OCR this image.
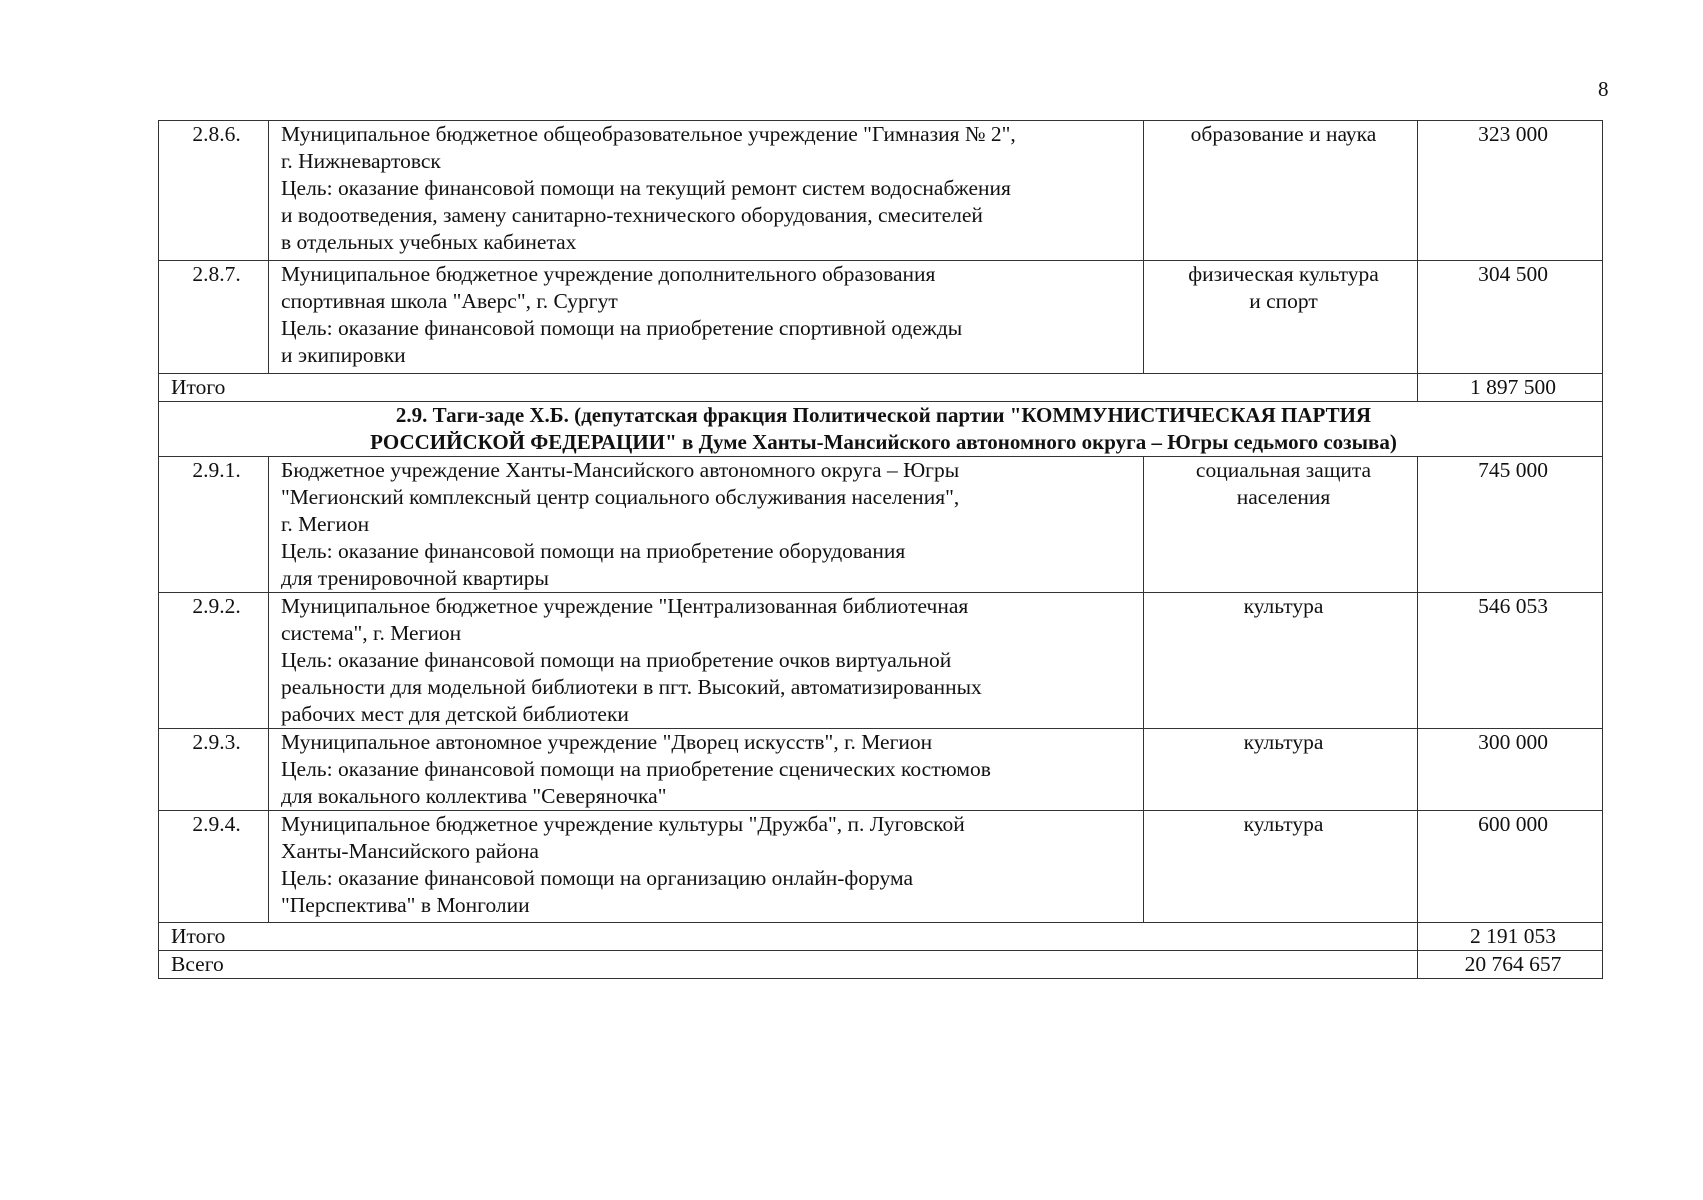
8
2.8.6.	Муниципальное бюджетное общеобразовательное учреждение "Гимназия № 2",
г. Нижневартовск
Цель: оказание финансовой помощи на текущий ремонт систем водоснабжения
и водоотведения, замену санитарно-технического оборудования, смесителей
в отдельных учебных кабинетах	образование и наука	323 000
2.8.7.	Муниципальное бюджетное учреждение дополнительного образования
спортивная школа "Аверс", г. Сургут
Цель: оказание финансовой помощи на приобретение спортивной одежды
и экипировки	физическая культура
и спорт	304 500
Итого			1 897 500

2.9. Таги-заде Х.Б. (депутатская фракция Политической партии "КОММУНИСТИЧЕСКАЯ ПАРТИЯ
РОССИЙСКОЙ ФЕДЕРАЦИИ" в Думе Ханты-Мансийского автономного округа – Югры седьмого созыва)			

2.9.1.	Бюджетное учреждение Ханты-Мансийского автономного округа – Югры
"Мегионский комплексный центр социального обслуживания населения",
г. Мегион
Цель: оказание финансовой помощи на приобретение оборудования
для тренировочной квартиры	социальная защита
населения	745 000
2.9.2.	Муниципальное бюджетное учреждение "Централизованная библиотечная
система", г. Мегион
Цель: оказание финансовой помощи на приобретение очков виртуальной
реальности для модельной библиотеки в пгт. Высокий, автоматизированных
рабочих мест для детской библиотеки	культура	546 053
2.9.3.	Муниципальное автономное учреждение "Дворец искусств", г. Мегион
Цель: оказание финансовой помощи на приобретение сценических костюмов
для вокального коллектива "Северяночка"	культура	300 000
2.9.4.	Муниципальное бюджетное учреждение культуры "Дружба", п. Луговской
Ханты-Мансийского района
Цель: оказание финансовой помощи на организацию онлайн-форума
"Перспектива" в Монголии	культура	600 000
Итого			2 191 053
Всего			20 764 657
